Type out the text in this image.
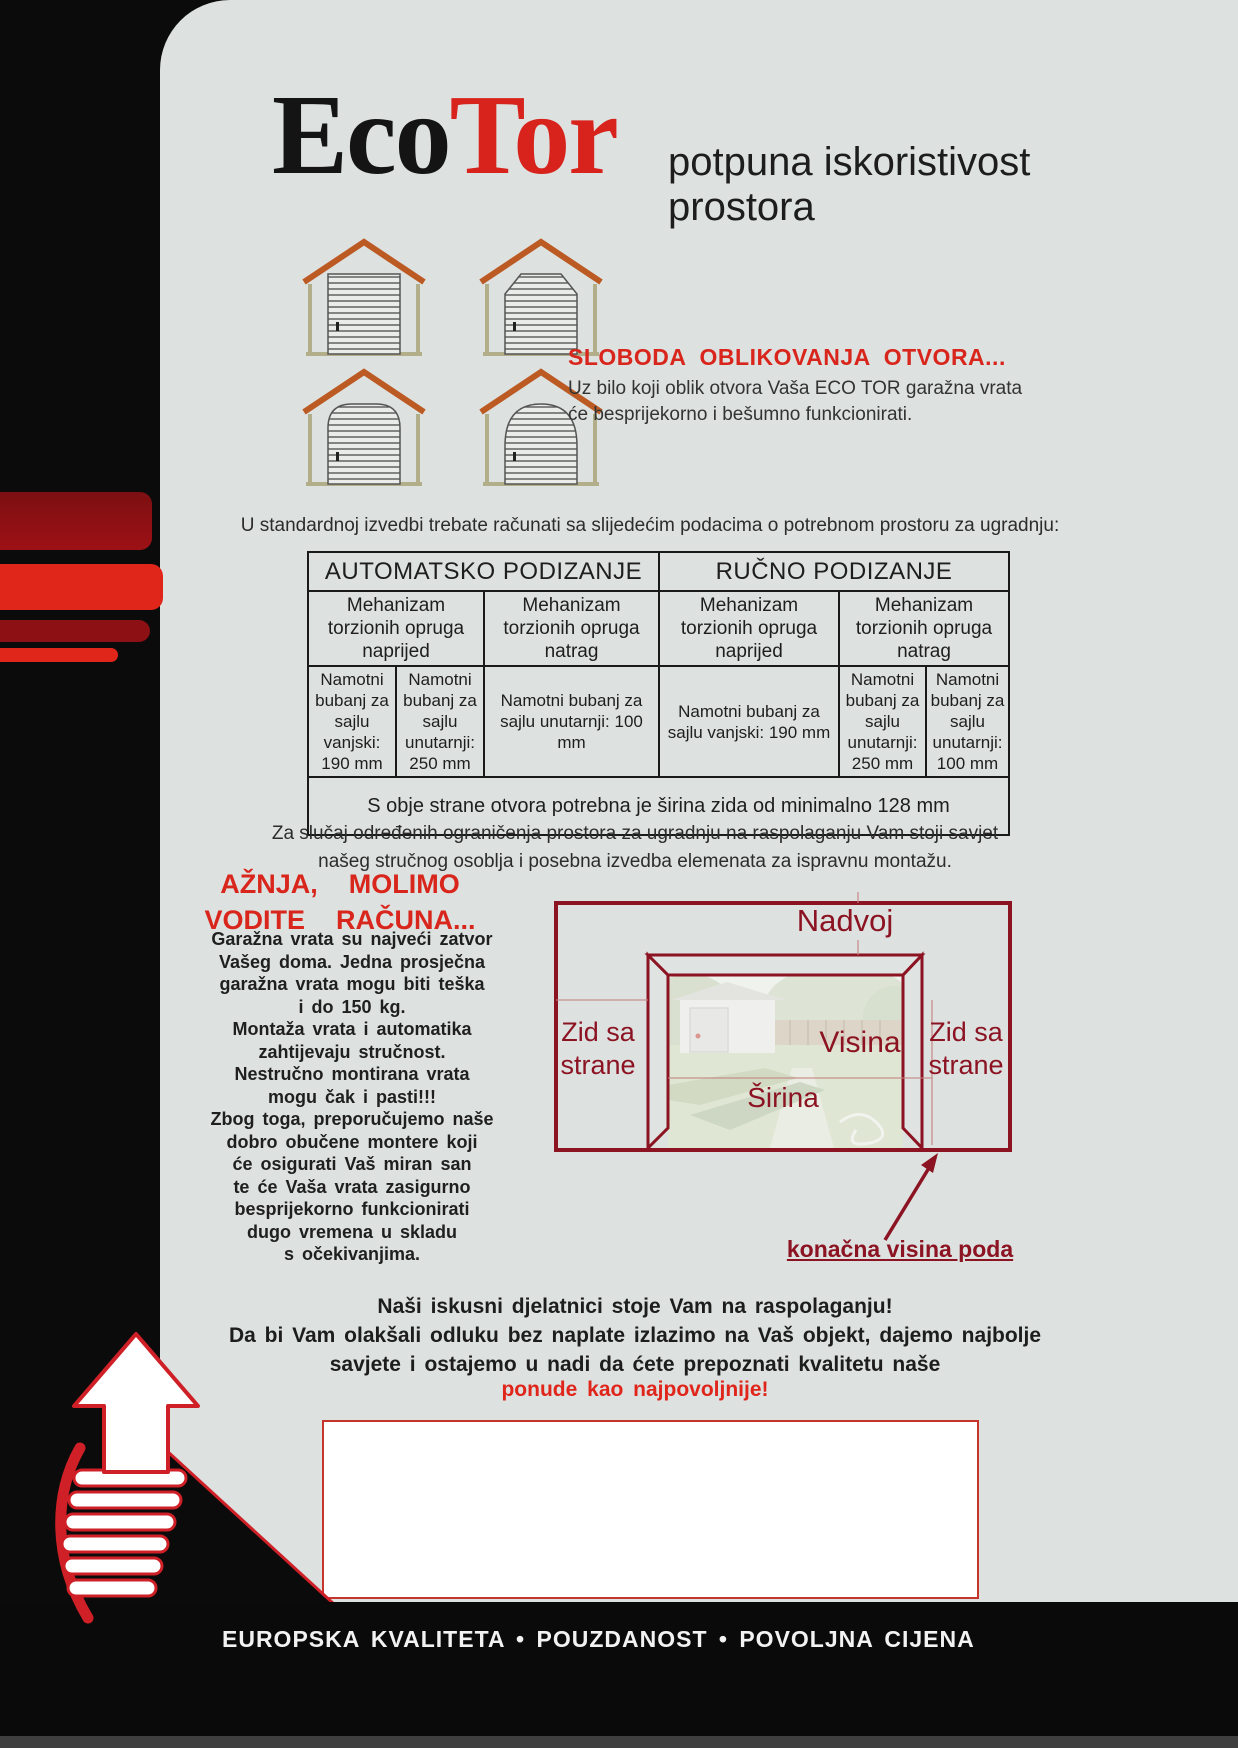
EcoTor potpuna iskoristivost
prostora
SLOBODA OBLIKOVANJA OTVORA...
Uz bilo koji oblik otvora Vaša ECO TOR garažna vrata
će besprijekorno i bešumno funkcionirati.
U standardnoj izvedbi trebate računati sa slijedećim podacima o potrebnom prostoru za ugradnju:
AUTOMATSKO PODIZANJE			RUČNO PODIZANJE		
Mehanizam torzionih opruga naprijed		Mehanizam torzionih opruga natrag	Mehanizam torzionih opruga naprijed	Mehanizam torzionih opruga natrag	
Namotni bubanj za sajlu vanjski: 190 mm	Namotni bubanj za sajlu unutarnji: 250 mm	Namotni bubanj za sajlu unutarnji: 100 mm	Namotni bubanj za sajlu vanjski: 190 mm	Namotni bubanj za sajlu unutarnji: 250 mm	Namotni bubanj za sajlu unutarnji: 100 mm
S obje strane otvora potrebna je širina zida od minimalno 128 mm					
Za slučaj određenih ograničenja prostora za ugradnju na raspolaganju Vam stoji savjet
našeg stručnog osoblja i posebna izvedba elemenata za ispravnu montažu.
AŽNJA,  MOLIMO
VODITE  RAČUNA...
Garažna vrata su najveći zatvor
Vašeg doma. Jedna prosječna
garažna vrata mogu biti teška
i do 150 kg.
Montaža vrata i automatika
zahtijevaju stručnost.
Nestručno montirana vrata
mogu čak i pasti!!!
Zbog toga, preporučujemo naše
dobro obučene montere koji
će osigurati Vaš miran san
te će Vaša vrata zasigurno
besprijekorno funkcionirati
dugo vremena u skladu
s očekivanjima.
Nadvoj
Zid sa strane
Zid sa strane
Visina
Širina
konačna visina poda
Naši iskusni djelatnici stoje Vam na raspolaganju!
Da bi Vam olakšali odluku bez naplate izlazimo na Vaš objekt, dajemo najbolje
savjete i ostajemo u nadi da ćete prepoznati kvalitetu naše
ponude kao najpovoljnije!
EUROPSKA KVALITETA • POUZDANOST • POVOLJNA CIJENA
